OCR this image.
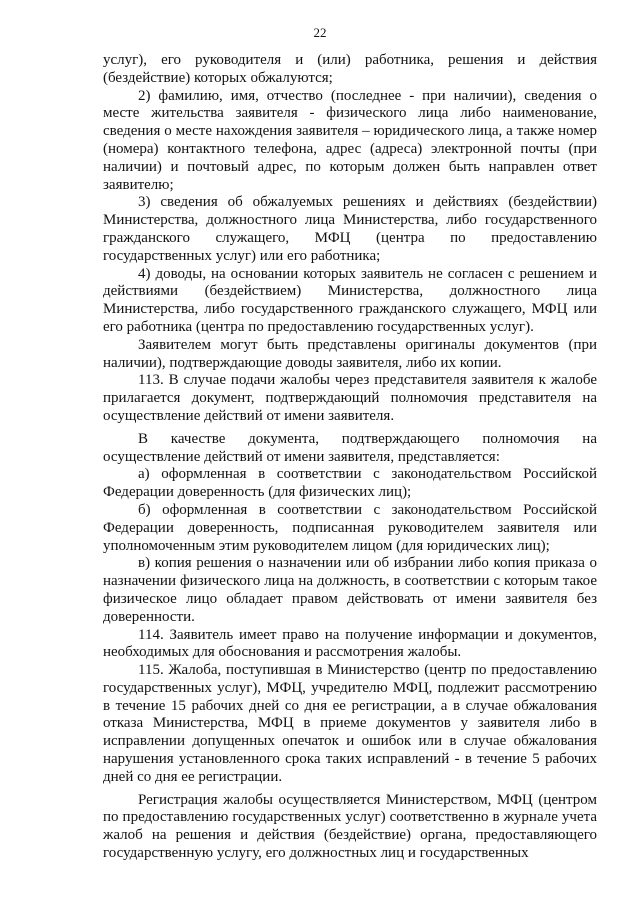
22

услуг), его руководителя и (или) работника, решения и действия (бездействие) которых обжалуются;

2) фамилию, имя, отчество (последнее - при наличии), сведения о месте жительства заявителя - физического лица либо наименование, сведения о месте нахождения заявителя – юридического лица, а также номер (номера) контактного телефона, адрес (адреса) электронной почты (при наличии) и почтовый адрес, по которым должен быть направлен ответ заявителю;

3) сведения об обжалуемых решениях и действиях (бездействии) Министерства, должностного лица Министерства, либо государственного гражданского служащего, МФЦ (центра по предоставлению государственных услуг) или его работника;

4) доводы, на основании которых заявитель не согласен с решением и действиями (бездействием) Министерства, должностного лица Министерства, либо государственного гражданского служащего, МФЦ или его работника (центра по предоставлению государственных услуг).

Заявителем могут быть представлены оригиналы документов (при наличии), подтверждающие доводы заявителя, либо их копии.

113. В случае подачи жалобы через представителя заявителя к жалобе прилагается документ, подтверждающий полномочия представителя на осуществление действий от имени заявителя.

В качестве документа, подтверждающего полномочия на осуществление действий от имени заявителя, представляется:

а) оформленная в соответствии с законодательством Российской Федерации доверенность (для физических лиц);

б) оформленная в соответствии с законодательством Российской Федерации доверенность, подписанная руководителем заявителя или уполномоченным этим руководителем лицом (для юридических лиц);

в) копия решения о назначении или об избрании либо копия приказа о назначении физического лица на должность, в соответствии с которым такое физическое лицо обладает правом действовать от имени заявителя без доверенности.

114. Заявитель имеет право на получение информации и документов, необходимых для обоснования и рассмотрения жалобы.

115. Жалоба, поступившая в Министерство (центр по предоставлению государственных услуг), МФЦ, учредителю МФЦ, подлежит рассмотрению в течение 15 рабочих дней со дня ее регистрации, а в случае обжалования отказа Министерства, МФЦ в приеме документов у заявителя либо в исправлении допущенных опечаток и ошибок или в случае обжалования нарушения установленного срока таких исправлений - в течение 5 рабочих дней со дня ее регистрации.

Регистрация жалобы осуществляется Министерством, МФЦ (центром по предоставлению государственных услуг) соответственно в журнале учета жалоб на решения и действия (бездействие) органа, предоставляющего государственную услугу, его должностных лиц и государственных
